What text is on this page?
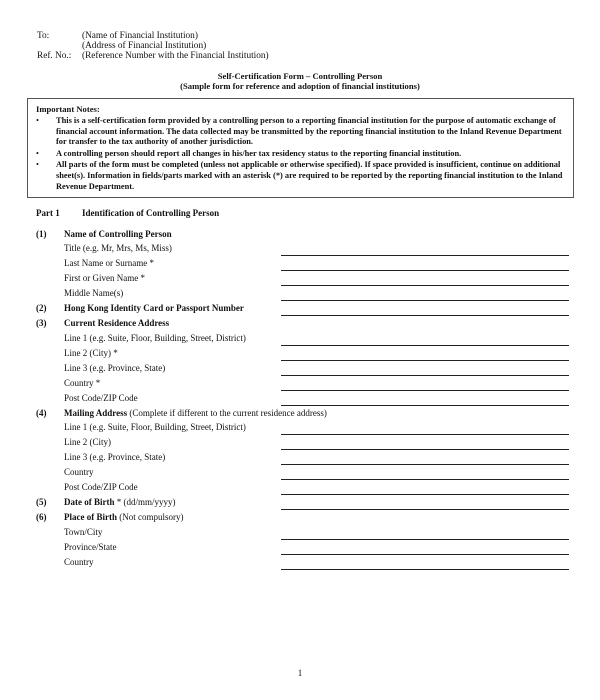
To:	(Name of Financial Institution)
(Address of Financial Institution)
Ref. No.: (Reference Number with the Financial Institution)
Self-Certification Form – Controlling Person
(Sample form for reference and adoption of financial institutions)
Important Notes:
• This is a self-certification form provided by a controlling person to a reporting financial institution for the purpose of automatic exchange of financial account information. The data collected may be transmitted by the reporting financial institution to the Inland Revenue Department for transfer to the tax authority of another jurisdiction.
• A controlling person should report all changes in his/her tax residency status to the reporting financial institution.
• All parts of the form must be completed (unless not applicable or otherwise specified). If space provided is insufficient, continue on additional sheet(s). Information in fields/parts marked with an asterisk (*) are required to be reported by the reporting financial institution to the Inland Revenue Department.
Part 1 Identification of Controlling Person
(1) Name of Controlling Person
Title (e.g. Mr, Mrs, Ms, Miss)
Last Name or Surname *
First or Given Name *
Middle Name(s)
(2) Hong Kong Identity Card or Passport Number
(3) Current Residence Address
Line 1 (e.g. Suite, Floor, Building, Street, District)
Line 2 (City) *
Line 3 (e.g. Province, State)
Country *
Post Code/ZIP Code
(4) Mailing Address (Complete if different to the current residence address)
Line 1 (e.g. Suite, Floor, Building, Street, District)
Line 2 (City)
Line 3 (e.g. Province, State)
Country
Post Code/ZIP Code
(5) Date of Birth * (dd/mm/yyyy)
(6) Place of Birth (Not compulsory)
Town/City
Province/State
Country
1
